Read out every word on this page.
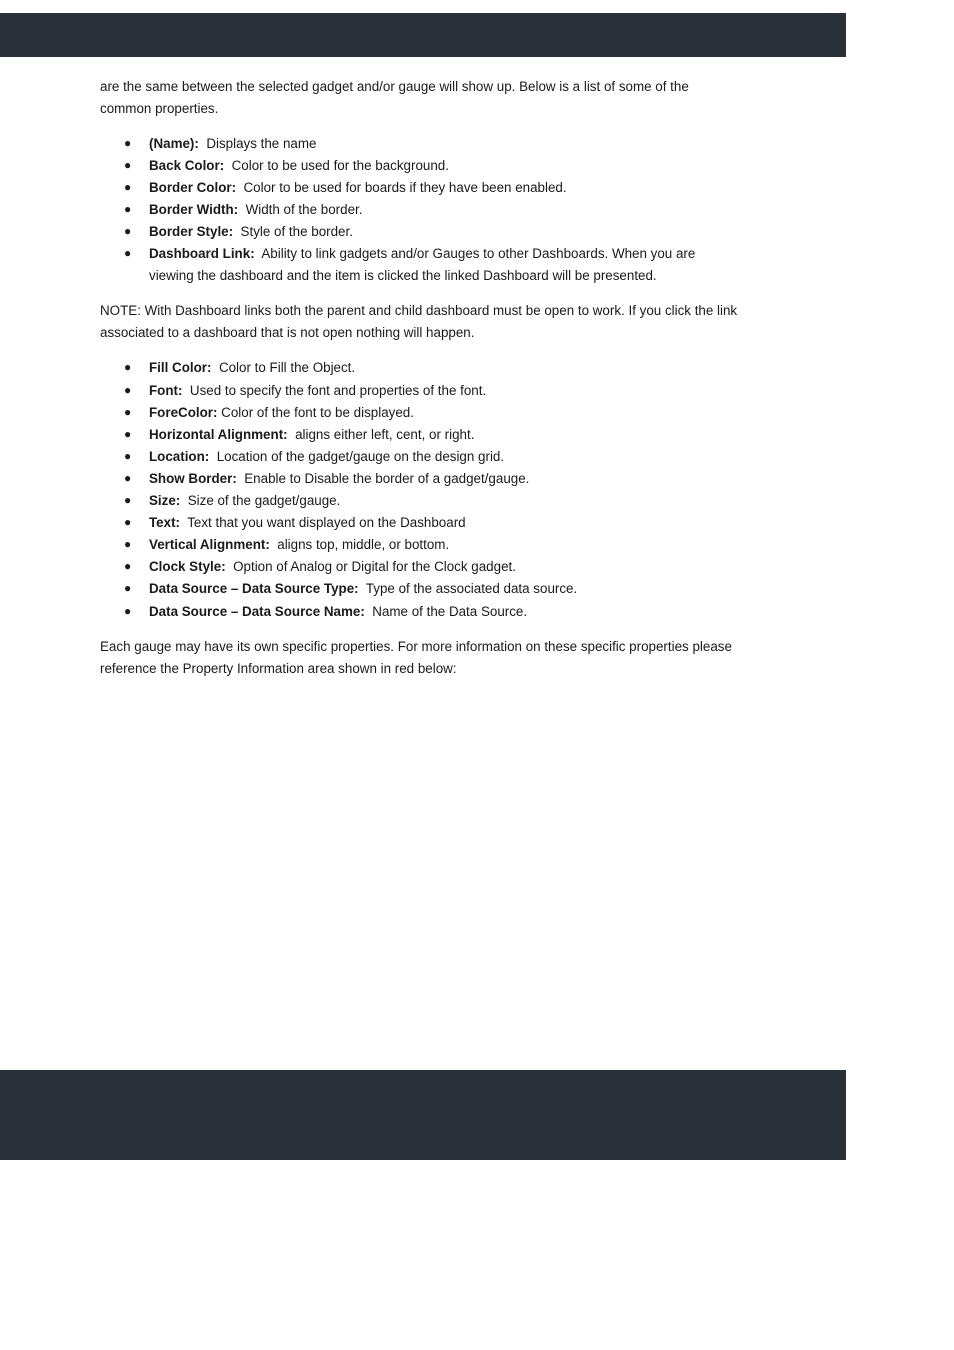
are the same between the selected gadget and/or gauge will show up. Below is a list of some of the common properties.

● (Name): Displays the name
● Back Color: Color to be used for the background.
● Border Color: Color to be used for boards if they have been enabled.
● Border Width: Width of the border.
● Border Style: Style of the border.
● Dashboard Link: Ability to link gadgets and/or Gauges to other Dashboards. When you are viewing the dashboard and the item is clicked the linked Dashboard will be presented.

NOTE: With Dashboard links both the parent and child dashboard must be open to work. If you click the link associated to a dashboard that is not open nothing will happen.

● Fill Color: Color to Fill the Object.
● Font: Used to specify the font and properties of the font.
● ForeColor: Color of the font to be displayed.
● Horizontal Alignment: aligns either left, cent, or right.
● Location: Location of the gadget/gauge on the design grid.
● Show Border: Enable to Disable the border of a gadget/gauge.
● Size: Size of the gadget/gauge.
● Text: Text that you want displayed on the Dashboard
● Vertical Alignment: aligns top, middle, or bottom.
● Clock Style: Option of Analog or Digital for the Clock gadget.
● Data Source – Data Source Type: Type of the associated data source.
● Data Source – Data Source Name: Name of the Data Source.

Each gauge may have its own specific properties. For more information on these specific properties please reference the Property Information area shown in red below:
